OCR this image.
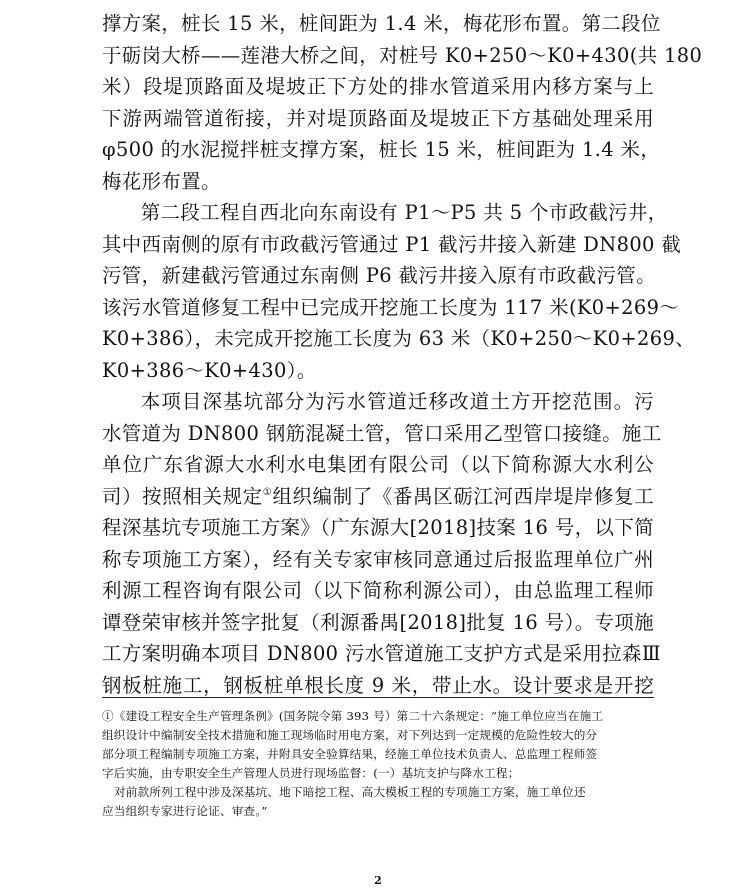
撑方案，桩长 15 米，桩间距为 1.4 米，梅花形布置。第二段位
于砺岗大桥——莲港大桥之间，对桩号 K0+250～K0+430(共 180
米）段堤顶路面及堤坡正下方处的排水管道采用内移方案与上
下游两端管道衔接，并对堤顶路面及堤坡正下方基础处理采用
φ500 的水泥搅拌桩支撑方案，桩长 15 米，桩间距为 1.4 米，
梅花形布置。

第二段工程自西北向东南设有 P1～P5 共 5 个市政截污井，
其中西南侧的原有市政截污管通过 P1 截污井接入新建 DN800 截
污管，新建截污管通过东南侧 P6 截污井接入原有市政截污管。
该污水管道修复工程中已完成开挖施工长度为 117 米(K0+269～
K0+386），未完成开挖施工长度为 63 米（K0+250～K0+269、
K0+386～K0+430）。

本项目深基坑部分为污水管道迁移改道土方开挖范围。污
水管道为 DN800 钢筋混凝土管，管口采用乙型管口接缝。施工
单位广东省源大水利水电集团有限公司（以下简称源大水利公
司）按照相关规定①组织编制了《番禺区砺江河西岸堤岸修复工
程深基坑专项施工方案》（广东源大[2018]技案 16 号，以下简
称专项施工方案），经有关专家审核同意通过后报监理单位广州
利源工程咨询有限公司（以下简称利源公司），由总监理工程师
谭登荣审核并签字批复（利源番禺[2018]批复 16 号）。专项施
工方案明确本项目 DN800 污水管道施工支护方式是采用拉森Ⅲ
钢板桩施工，钢板桩单根长度 9 米，带止水。设计要求是开挖

①《建设工程安全生产管理条例》(国务院令第 393 号）第二十六条规定：“施工单位应当在施工
组织设计中编制安全技术措施和施工现场临时用电方案，对下列达到一定规模的危险性较大的分
部分项工程编制专项施工方案，并附具安全验算结果，经施工单位技术负责人、总监理工程师签
字后实施，由专职安全生产管理人员进行现场监督：(一）基坑支护与降水工程；
对前款所列工程中涉及深基坑、地下暗挖工程、高大模板工程的专项施工方案，施工单位还
应当组织专家进行论证、审查。”
2
